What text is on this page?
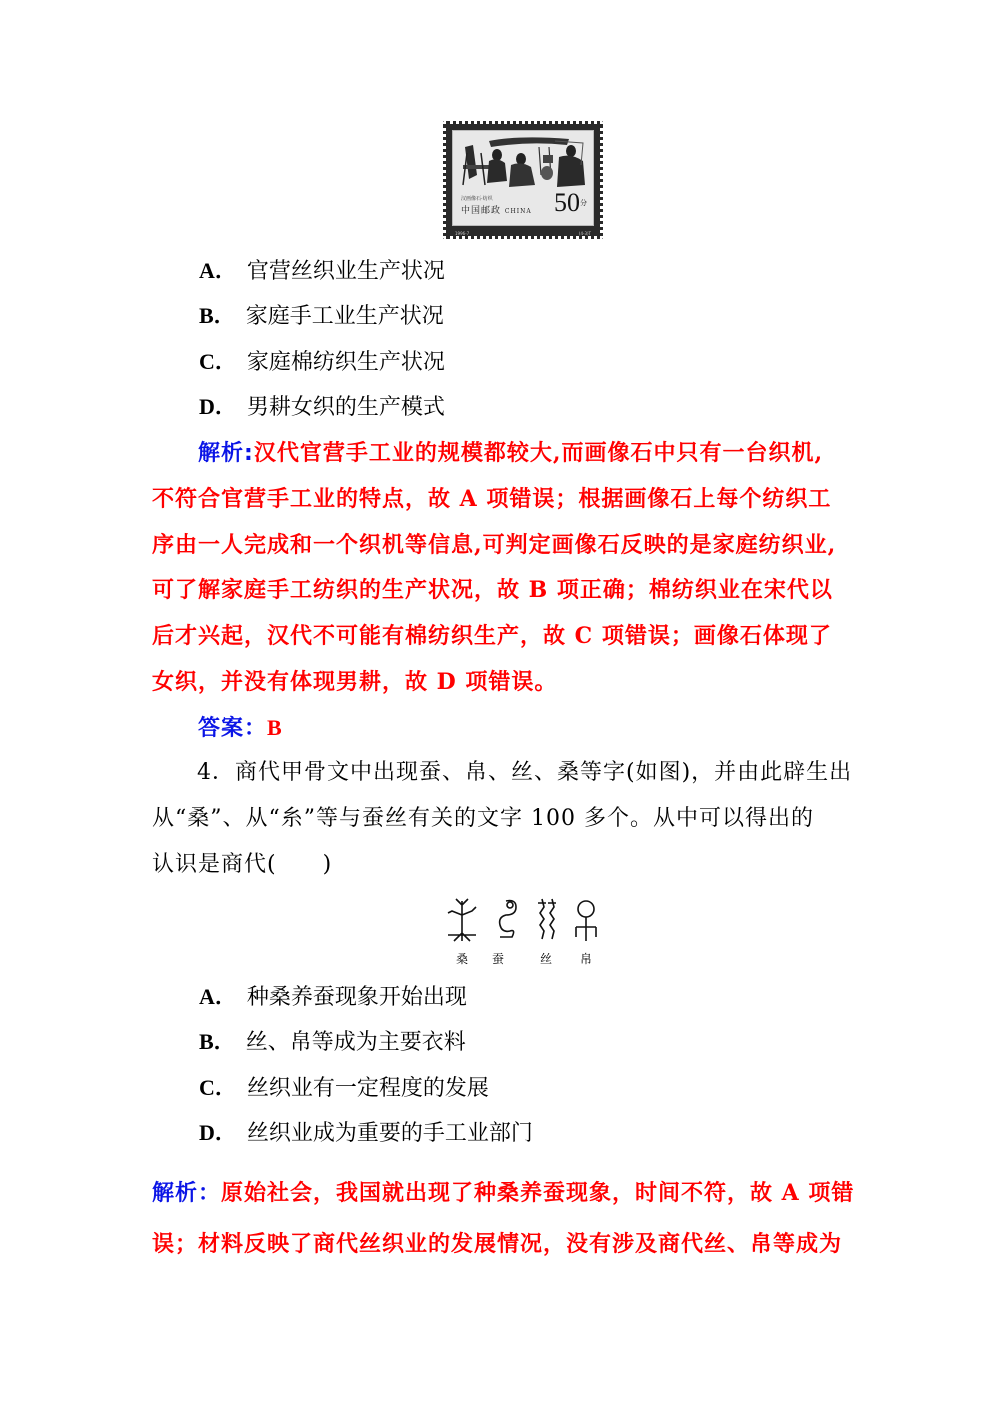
汉画像石·纺织
中国邮政 CHINA $50^分$
1996-7	(4-3)T
A． 官营丝织业生产状况
B． 家庭手工业生产状况
C． 家庭棉纺织生产状况
D． 男耕女织的生产模式
解析:汉代官营手工业的规模都较大,而画像石中只有一台织机,
不符合官营手工业的特点，故 A 项错误；根据画像石上每个纺织工
序由一人完成和一个织机等信息,可判定画像石反映的是家庭纺织业,
可了解家庭手工纺织的生产状况，故 B 项正确；棉纺织业在宋代以
后才兴起，汉代不可能有棉纺织生产，故 C 项错误；画像石体现了
女织，并没有体现男耕，故 D 项错误。
答案：B
4．商代甲骨文中出现蚕、帛、丝、桑等字(如图)，并由此辟生出
从“桑”、从“糸”等与蚕丝有关的文字 100 多个。从中可以得出的
认识是商代(　　)
桑 蚕	丝 帛
A． 种桑养蚕现象开始出现
B． 丝、帛等成为主要衣料
C． 丝织业有一定程度的发展
D． 丝织业成为重要的手工业部门
解析：原始社会，我国就出现了种桑养蚕现象，时间不符，故 A 项错
误；材料反映了商代丝织业的发展情况，没有涉及商代丝、帛等成为
